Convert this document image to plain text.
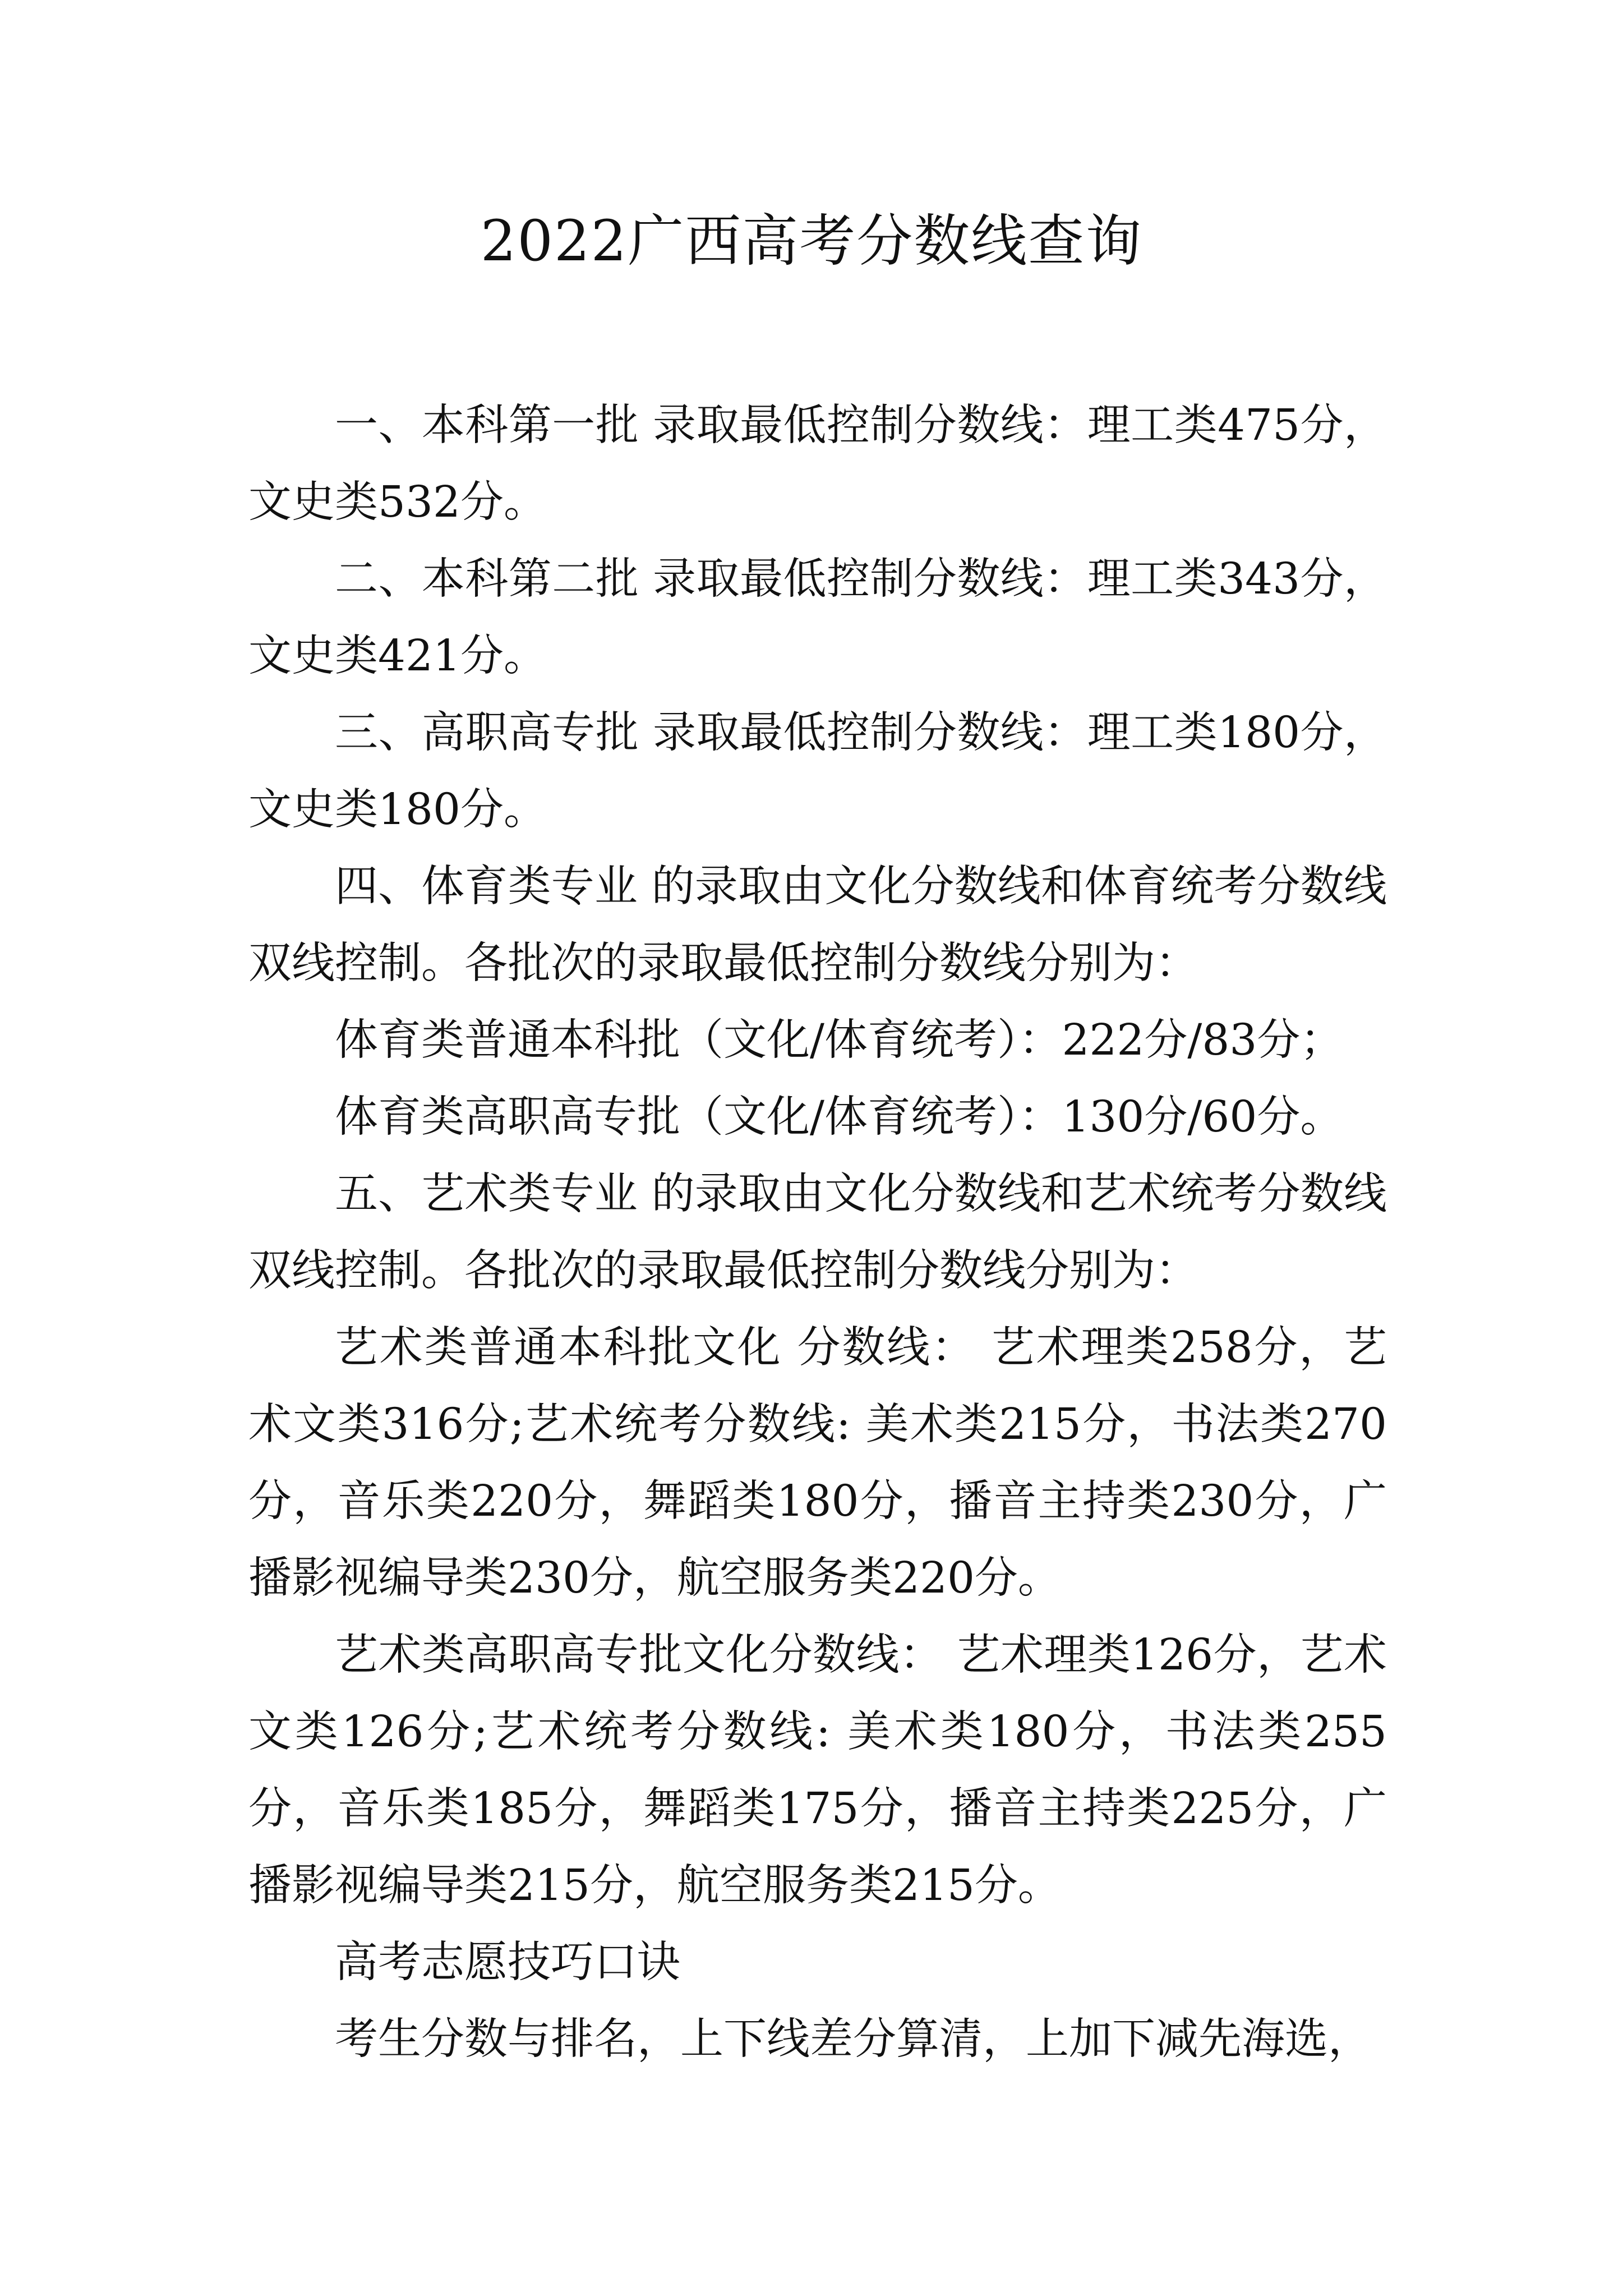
2022广西高考分数线查询

一、本科第一批 录取最低控制分数线：理工类475分，文史类532分。

二、本科第二批 录取最低控制分数线：理工类343分，文史类421分。

三、高职高专批 录取最低控制分数线：理工类180分，文史类180分。

四、体育类专业 的录取由文化分数线和体育统考分数线双线控制。各批次的录取最低控制分数线分别为：

体育类普通本科批（文化/体育统考）：222分/83分；

体育类高职高专批（文化/体育统考）：130分/60分。

五、艺术类专业 的录取由文化分数线和艺术统考分数线双线控制。各批次的录取最低控制分数线分别为：

艺术类普通本科批文化 分数线： 艺术理类258分，艺术文类316分;艺术统考分数线: 美术类215分，书法类270分，音乐类220分，舞蹈类180分，播音主持类230分，广播影视编导类230分，航空服务类220分。

艺术类高职高专批文化分数线： 艺术理类126分，艺术文类126分;艺术统考分数线: 美术类180分，书法类255分，音乐类185分，舞蹈类175分，播音主持类225分，广播影视编导类215分，航空服务类215分。

高考志愿技巧口诀

考生分数与排名，上下线差分算清，上加下减先海选，
